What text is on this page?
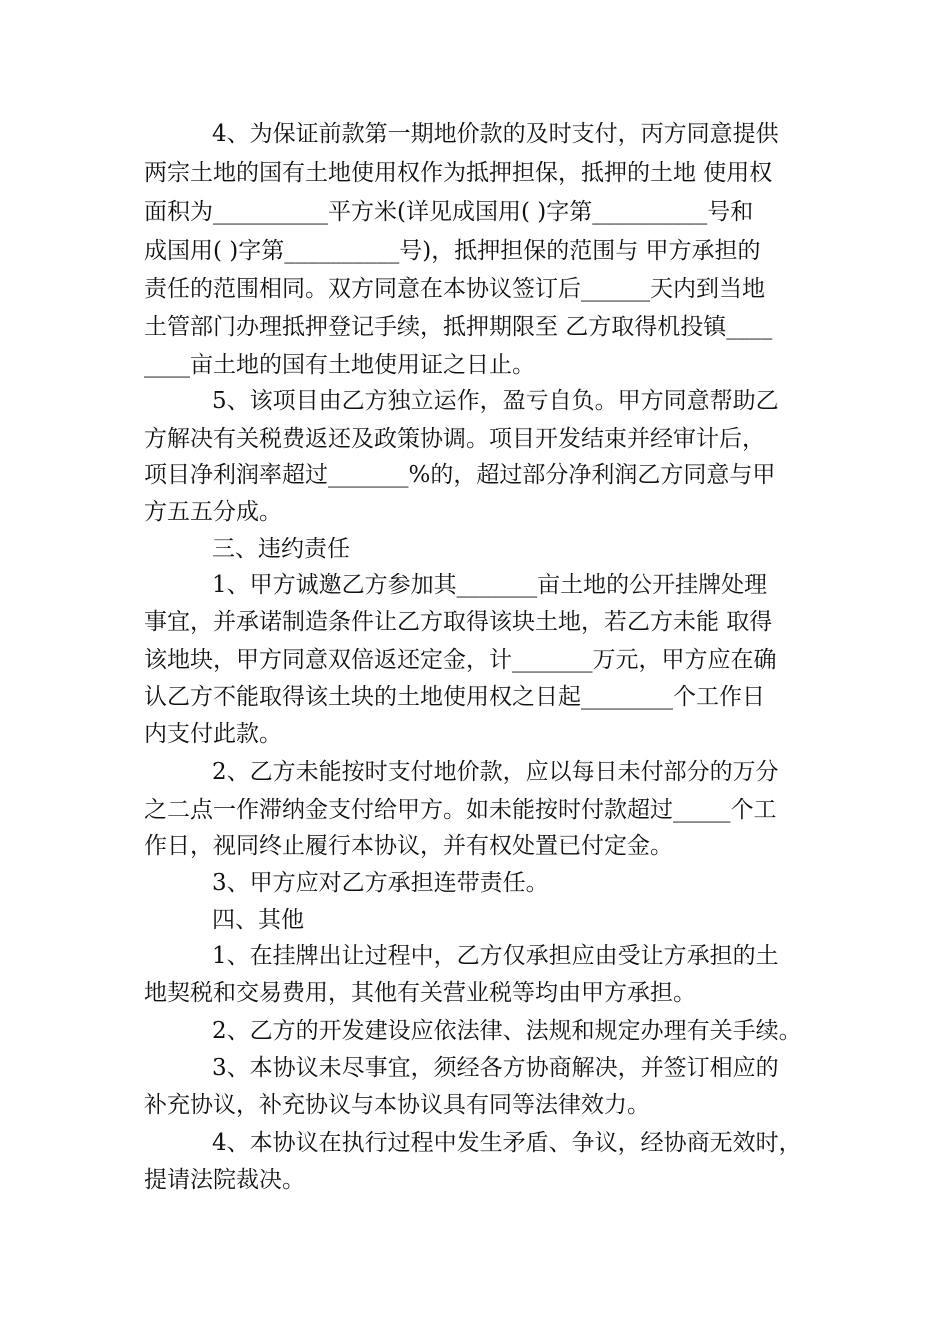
4、为保证前款第一期地价款的及时支付，丙方同意提供
两宗土地的国有土地使用权作为抵押担保，抵押的土地 使用权
面积为__________平方米(详见成国用( )字第__________号和
成国用( )字第__________号)，抵押担保的范围与 甲方承担的
责任的范围相同。双方同意在本协议签订后______天内到当地
土管部门办理抵押登记手续，抵押期限至 乙方取得机投镇____
____亩土地的国有土地使用证之日止。
5、该项目由乙方独立运作，盈亏自负。甲方同意帮助乙
方解决有关税费返还及政策协调。项目开发结束并经审计后，
项目净利润率超过_______%的，超过部分净利润乙方同意与甲
方五五分成。
三、违约责任
1、甲方诚邀乙方参加其_______亩土地的公开挂牌处理
事宜，并承诺制造条件让乙方取得该块土地，若乙方未能 取得
该地块，甲方同意双倍返还定金，计_______万元，甲方应在确
认乙方不能取得该土块的土地使用权之日起________个工作日
内支付此款。
2、乙方未能按时支付地价款，应以每日未付部分的万分
之二点一作滞纳金支付给甲方。如未能按时付款超过_____个工
作日，视同终止履行本协议，并有权处置已付定金。
3、甲方应对乙方承担连带责任。
四、其他
1、在挂牌出让过程中，乙方仅承担应由受让方承担的土
地契税和交易费用，其他有关营业税等均由甲方承担。
2、乙方的开发建设应依法律、法规和规定办理有关手续。
3、本协议未尽事宜，须经各方协商解决，并签订相应的
补充协议，补充协议与本协议具有同等法律效力。
4、本协议在执行过程中发生矛盾、争议，经协商无效时，
提请法院裁决。
